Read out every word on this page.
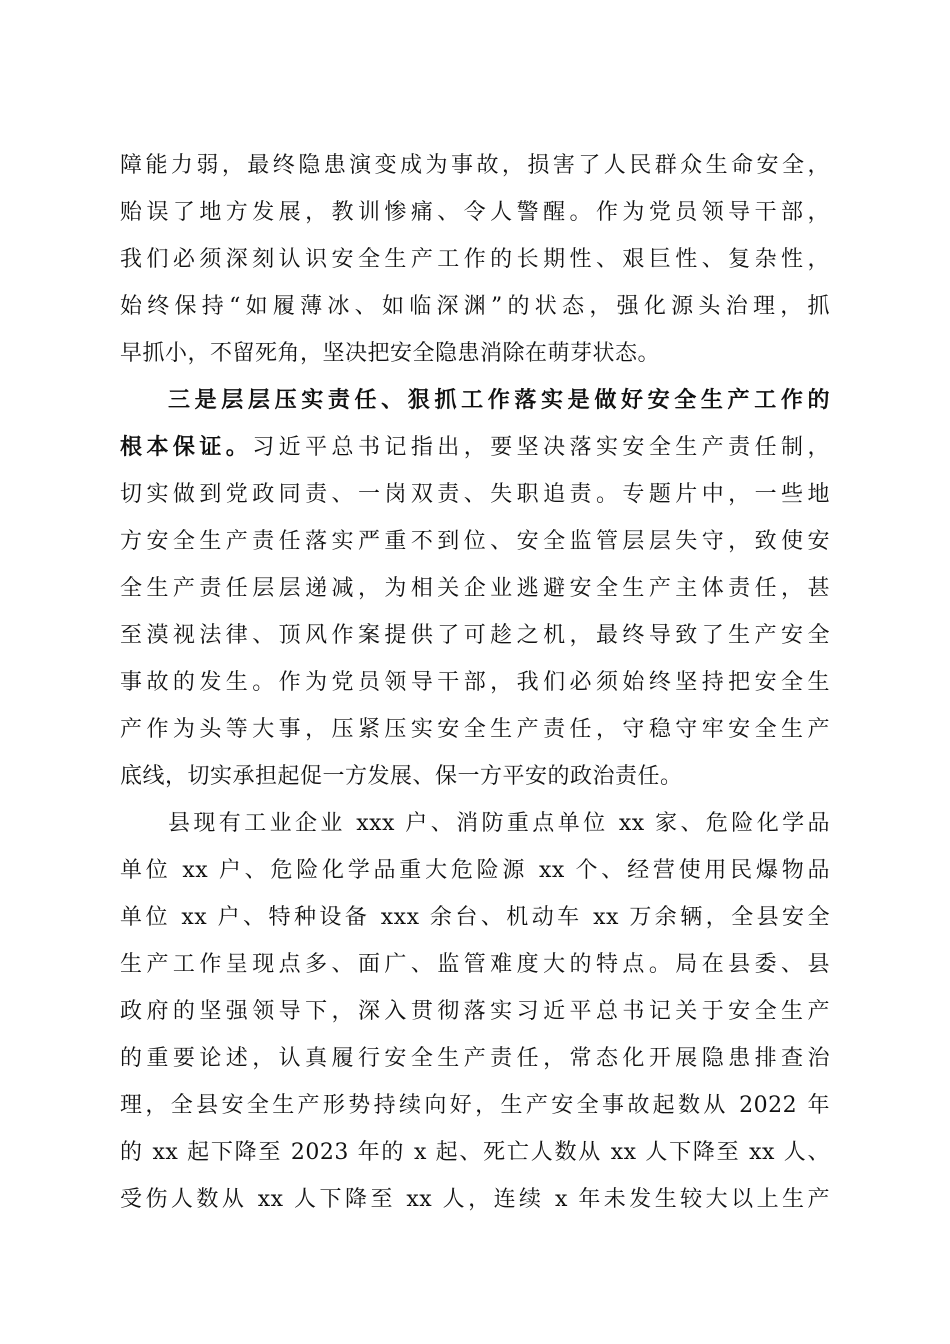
障能力弱，最终隐患演变成为事故，损害了人民群众生命安全，
贻误了地方发展，教训惨痛、令人警醒。作为党员领导干部，
我们必须深刻认识安全生产工作的长期性、艰巨性、复杂性，
始终保持“如履薄冰、如临深渊”的状态，强化源头治理，抓
早抓小，不留死角，坚决把安全隐患消除在萌芽状态。
三是层层压实责任、狠抓工作落实是做好安全生产工作的
根本保证。习近平总书记指出，要坚决落实安全生产责任制，
切实做到党政同责、一岗双责、失职追责。专题片中，一些地
方安全生产责任落实严重不到位、安全监管层层失守，致使安
全生产责任层层递减，为相关企业逃避安全生产主体责任，甚
至漠视法律、顶风作案提供了可趁之机，最终导致了生产安全
事故的发生。作为党员领导干部，我们必须始终坚持把安全生
产作为头等大事，压紧压实安全生产责任，守稳守牢安全生产
底线，切实承担起促一方发展、保一方平安的政治责任。
县现有工业企业 xxx 户、消防重点单位 xx 家、危险化学品
单位 xx 户、危险化学品重大危险源 xx 个、经营使用民爆物品
单位 xx 户、特种设备 xxx 余台、机动车 xx 万余辆，全县安全
生产工作呈现点多、面广、监管难度大的特点。局在县委、县
政府的坚强领导下，深入贯彻落实习近平总书记关于安全生产
的重要论述，认真履行安全生产责任，常态化开展隐患排查治
理，全县安全生产形势持续向好，生产安全事故起数从 2022 年
的 xx 起下降至 2023 年的 x 起、死亡人数从 xx 人下降至 xx 人、
受伤人数从 xx 人下降至 xx 人，连续 x 年未发生较大以上生产
